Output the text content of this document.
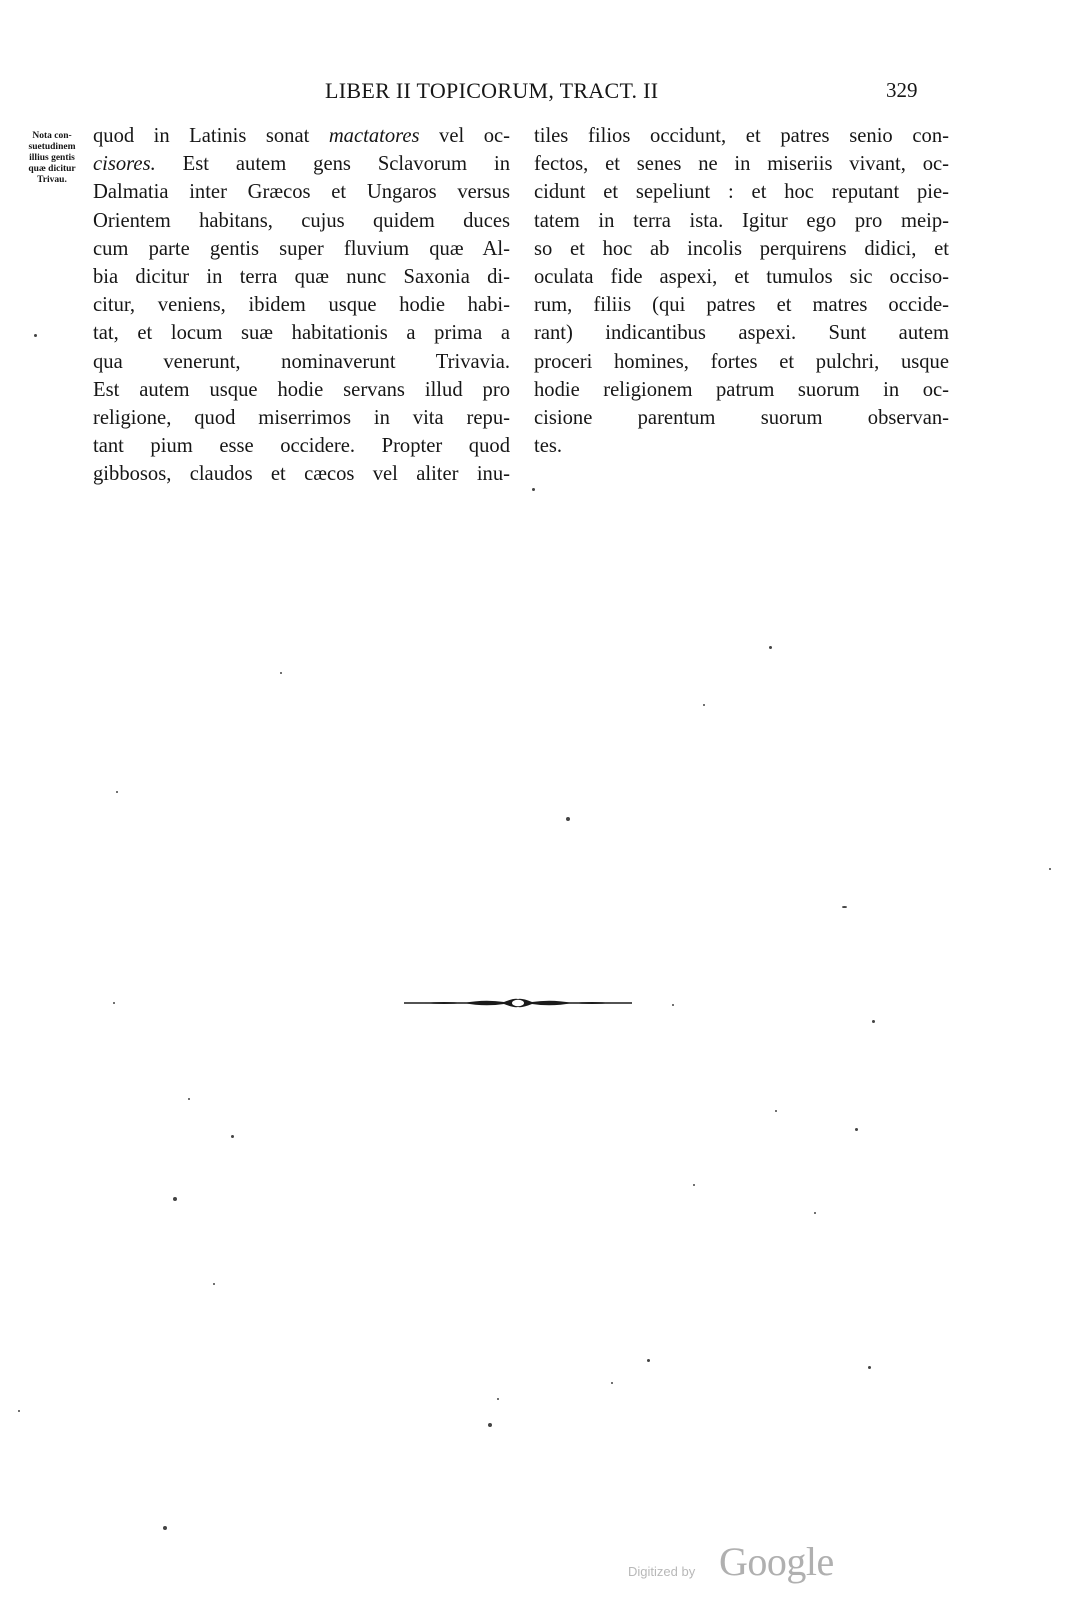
LIBER II TOPICORUM, TRACT. II	329
Nota con-
suetudinem
illius gentis
quæ dicitur
Trivau.
quod in Latinis sonat mactatores vel oc-
cisores. Est autem gens Sclavorum in
Dalmatia inter Græcos et Ungaros versus
Orientem habitans, cujus quidem duces
cum parte gentis super fluvium quæ Al-
bia dicitur in terra quæ nunc Saxonia di-
citur, veniens, ibidem usque hodie habi-
tat, et locum suæ habitationis a prima a
qua venerunt, nominaverunt Trivavia.
Est autem usque hodie servans illud pro
religione, quod miserrimos in vita repu-
tant pium esse occidere. Propter quod
gibbosos, claudos et cæcos vel aliter inu-
tiles filios occidunt, et patres senio con-
fectos, et senes ne in miseriis vivant, oc-
cidunt et sepeliunt : et hoc reputant pie-
tatem in terra ista. Igitur ego pro meip-
so et hoc ab incolis perquirens didici, et
oculata fide aspexi, et tumulos sic occiso-
rum, filiis (qui patres et matres occide-
rant) indicantibus aspexi. Sunt autem
proceri homines, fortes et pulchri, usque
hodie religionem patrum suorum in oc-
cisione parentum suorum observan-
tes.
Digitized by Google
